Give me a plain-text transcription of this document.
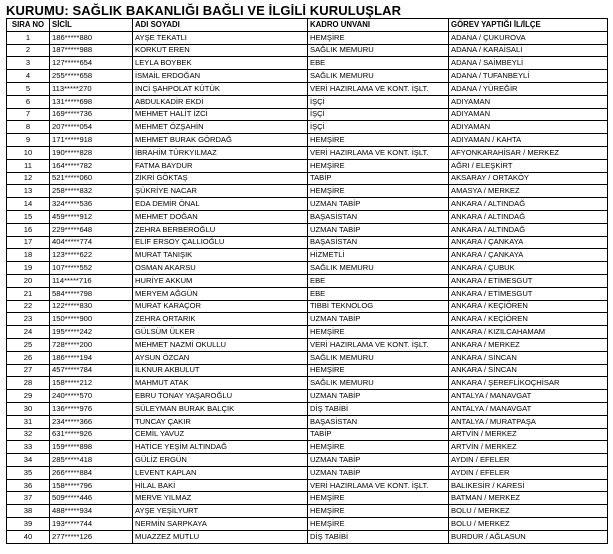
KURUMU: SAĞLIK BAKANLIĞI BAĞLI VE İLGİLİ KURULUŞLAR
SIRA NO	SİCİL	ADI SOYADI	KADRO UNVANI	GÖREV YAPTIĞI İL/İLÇE
1	186*****880	AYŞE TEKATLI	HEMŞİRE	ADANA / ÇUKUROVA
2	187*****988	KORKUT EREN	SAĞLIK MEMURU	ADANA / KARAİSALI
3	127*****654	LEYLA BOYBEK	EBE	ADANA / SAİMBEYLİ
4	255*****658	İSMAİL ERDOĞAN	SAĞLIK MEMURU	ADANA / TUFANBEYLİ
5	113*****270	İNCİ ŞAHPOLAT KÜTÜK	VERİ HAZIRLAMA VE KONT. İŞLT.	ADANA / YÜREĞİR
6	131*****698	ABDULKADİR EKDİ	İŞÇİ	ADIYAMAN
7	169*****736	MEHMET HALİT İZCİ	İŞÇİ	ADIYAMAN
8	207*****054	MEHMET ÖZŞAHİN	İŞÇİ	ADIYAMAN
9	171*****918	MEHMET BURAK GÖRDAĞ	HEMŞİRE	ADIYAMAN / KAHTA
10	190*****828	İBRAHİM TÜRKYILMAZ	VERİ HAZIRLAMA VE KONT. İŞLT.	AFYONKARAHİSAR / MERKEZ
11	164*****782	FATMA BAYDUR	HEMŞİRE	AĞRI / ELEŞKİRT
12	521*****060	ZİKRİ GÖKTAŞ	TABİP	AKSARAY / ORTAKÖY
13	258*****832	ŞÜKRİYE NACAR	HEMŞİRE	AMASYA / MERKEZ
14	324*****536	EDA DEMİR ÖNAL	UZMAN TABİP	ANKARA / ALTINDAĞ
15	459*****912	MEHMET DOĞAN	BAŞASİSTAN	ANKARA / ALTINDAĞ
16	229*****648	ZEHRA BERBEROĞLU	UZMAN TABİP	ANKARA / ALTINDAĞ
17	404*****774	ELİF ERSOY ÇALLIOĞLU	BAŞASİSTAN	ANKARA / ÇANKAYA
18	123*****622	MURAT TANIŞIK	HİZMETLİ	ANKARA / ÇANKAYA
19	107*****552	OSMAN AKARSU	SAĞLIK MEMURU	ANKARA / ÇUBUK
20	114*****716	HURİYE AKKUM	EBE	ANKARA / ETİMESGUT
21	584*****798	MERYEM AĞGÜN	EBE	ANKARA / ETİMESGUT
22	122*****830	MURAT KARAÇOR	TIBBİ TEKNOLOG	ANKARA / KEÇİÖREN
23	150*****900	ZEHRA ORTARIK	UZMAN TABİP	ANKARA / KEÇİÖREN
24	195*****242	GÜLSÜM ÜLKER	HEMŞİRE	ANKARA / KIZILCAHAMAM
25	728*****200	MEHMET NAZMİ OKULLU	VERİ HAZIRLAMA VE KONT. İŞLT.	ANKARA / MERKEZ
26	186*****194	AYSUN ÖZCAN	SAĞLIK MEMURU	ANKARA / SİNCAN
27	457*****784	İLKNUR AKBULUT	HEMŞİRE	ANKARA / SİNCAN
28	158*****212	MAHMUT ATAK	SAĞLIK MEMURU	ANKARA / ŞEREFLİKOÇHİSAR
29	240*****570	EBRU TONAY YAŞAROĞLU	UZMAN TABİP	ANTALYA / MANAVGAT
30	136*****976	SÜLEYMAN BURAK BALÇIK	DİŞ TABİBİ	ANTALYA / MANAVGAT
31	234*****366	TUNCAY ÇAKIR	BAŞASİSTAN	ANTALYA / MURATPAŞA
32	631*****926	CEMİL YAVUZ	TABİP	ARTVİN / MERKEZ
33	159*****898	HATİCE YEŞİM ALTINDAĞ	HEMŞİRE	ARTVİN / MERKEZ
34	285*****418	GÜLİZ ERGÜN	UZMAN TABİP	AYDIN / EFELER
35	266*****884	LEVENT KAPLAN	UZMAN TABİP	AYDIN / EFELER
36	158*****796	HİLAL BAKİ	VERİ HAZIRLAMA VE KONT. İŞLT.	BALIKESİR / KARESİ
37	509*****446	MERVE YILMAZ	HEMŞİRE	BATMAN / MERKEZ
38	488*****934	AYŞE YEŞİLYURT	HEMŞİRE	BOLU / MERKEZ
39	193*****744	NERMİN SARPKAYA	HEMŞİRE	BOLU / MERKEZ
40	277*****126	MUAZZEZ MUTLU	DİŞ TABİBİ	BURDUR / AĞLASUN
